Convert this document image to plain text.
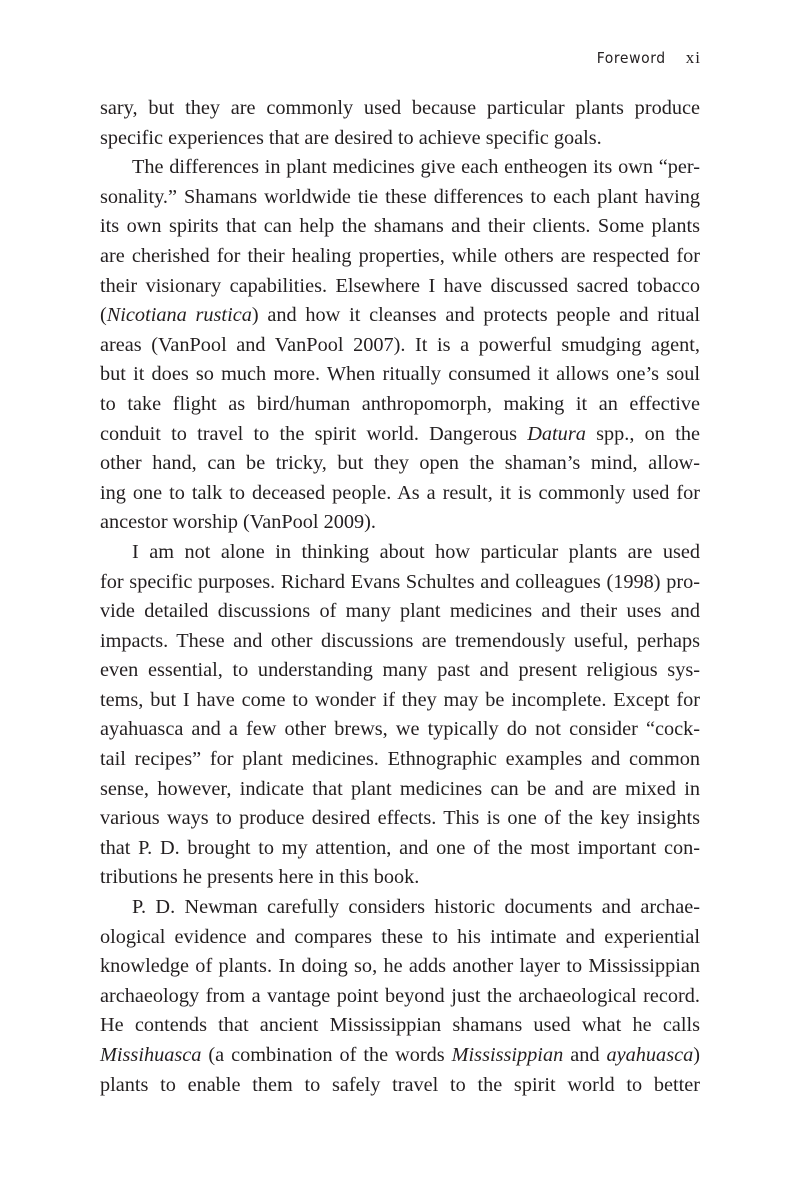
Foreword xi
sary, but they are commonly used because particular plants produce
specific experiences that are desired to achieve specific goals.
The differences in plant medicines give each entheogen its own “per-
sonality.” Shamans worldwide tie these differences to each plant having
its own spirits that can help the shamans and their clients. Some plants
are cherished for their healing properties, while others are respected for
their visionary capabilities. Elsewhere I have discussed sacred tobacco
(Nicotiana rustica) and how it cleanses and protects people and ritual
areas (VanPool and VanPool 2007). It is a powerful smudging agent,
but it does so much more. When ritually consumed it allows one’s soul
to take flight as bird/human anthropomorph, making it an effective
conduit to travel to the spirit world. Dangerous Datura spp., on the
other hand, can be tricky, but they open the shaman’s mind, allow-
ing one to talk to deceased people. As a result, it is commonly used for
ancestor worship (VanPool 2009).
I am not alone in thinking about how particular plants are used
for specific purposes. Richard Evans Schultes and colleagues (1998) pro-
vide detailed discussions of many plant medicines and their uses and
impacts. These and other discussions are tremendously useful, perhaps
even essential, to understanding many past and present religious sys-
tems, but I have come to wonder if they may be incomplete. Except for
ayahuasca and a few other brews, we typically do not consider “cock-
tail recipes” for plant medicines. Ethnographic examples and common
sense, however, indicate that plant medicines can be and are mixed in
various ways to produce desired effects. This is one of the key insights
that P. D. brought to my attention, and one of the most important con-
tributions he presents here in this book.
P. D. Newman carefully considers historic documents and archae-
ological evidence and compares these to his intimate and experiential
knowledge of plants. In doing so, he adds another layer to Mississippian
archaeology from a vantage point beyond just the archaeological record.
He contends that ancient Mississippian shamans used what he calls
Missihuasca (a combination of the words Mississippian and ayahuasca)
plants to enable them to safely travel to the spirit world to better
